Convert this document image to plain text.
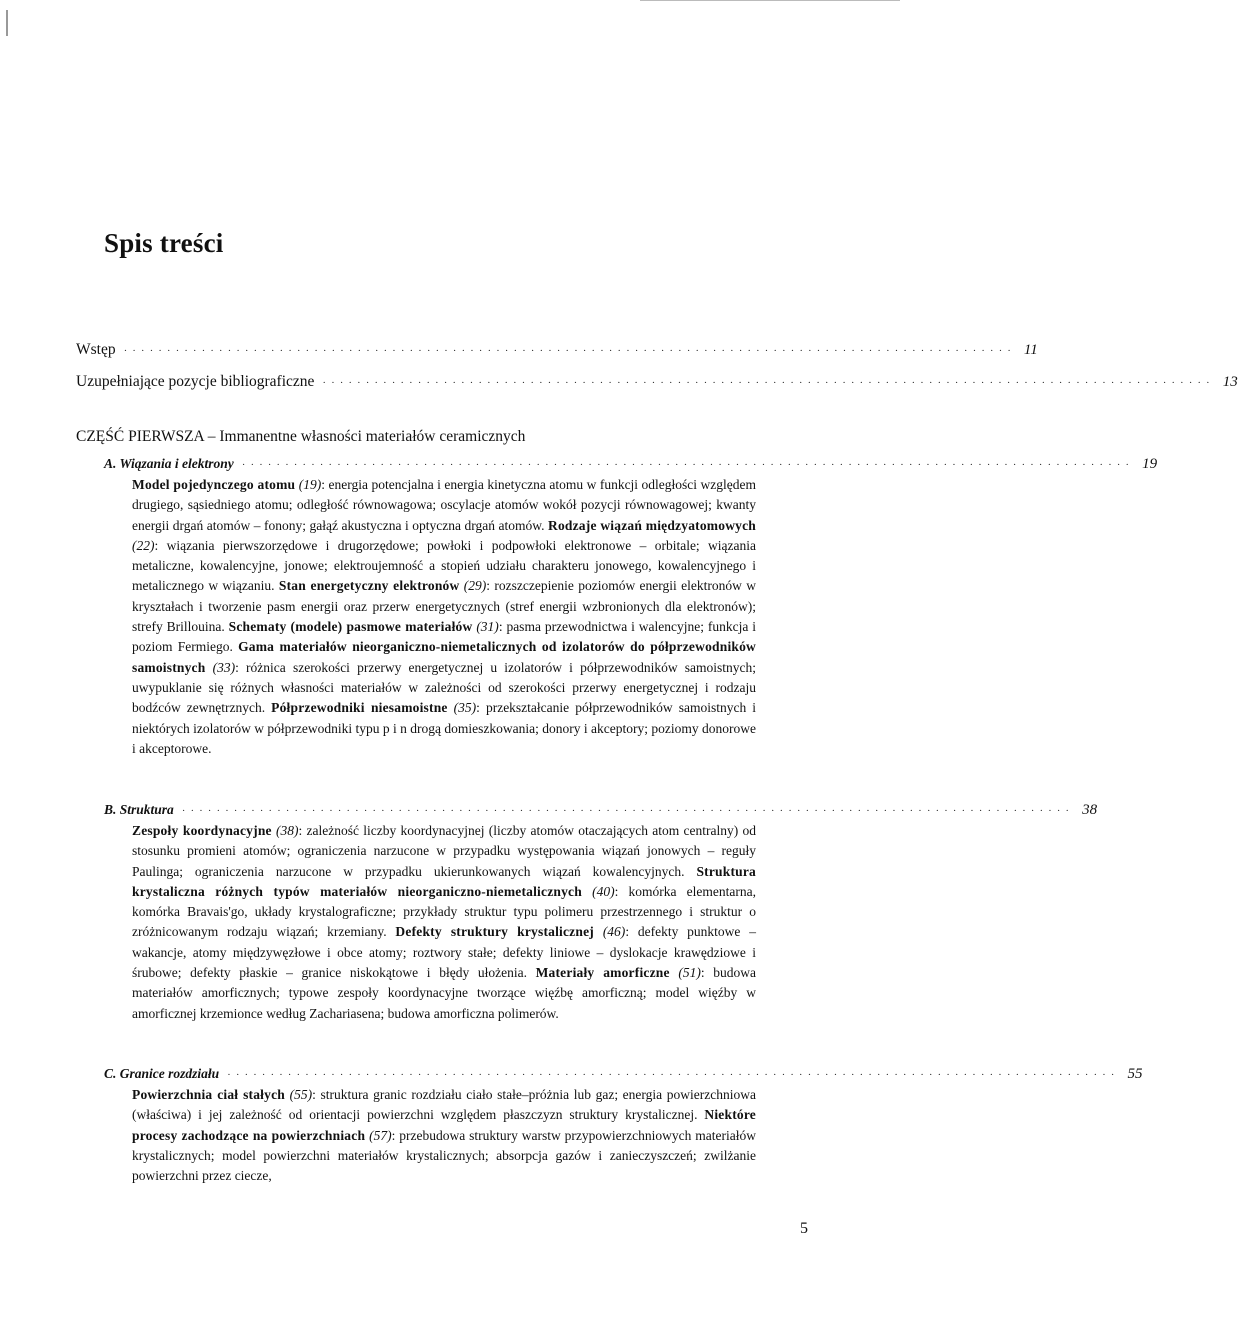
Spis treści
Wstęp ······································································································· 11
Uzupełniające pozycje bibliograficzne ······································································································· 13
CZĘŚĆ PIERWSZA – Immanentne własności materiałów ceramicznych
A. Wiązania i elektrony ······································································································· 19
Model pojedynczego atomu (19): energia potencjalna i energia kinetyczna atomu w funkcji odległości względem drugiego, sąsiedniego atomu; odległość równowagowa; oscylacje atomów wokół pozycji równowagowej; kwanty energii drgań atomów – fonony; gałąź akustyczna i optyczna drgań atomów. Rodzaje wiązań międzyatomowych (22): wiązania pierwszorzędowe i drugorzędowe; powłoki i podpowłoki elektronowe – orbitale; wiązania metaliczne, kowalencyjne, jonowe; elektroujemność a stopień udziału charakteru jonowego, kowalencyjnego i metalicznego w wiązaniu. Stan energetyczny elektronów (29): rozszczepienie poziomów energii elektronów w kryształach i tworzenie pasm energii oraz przerw energetycznych (stref energii wzbronionych dla elektronów); strefy Brillouina. Schematy (modele) pasmowe materiałów (31): pasma przewodnictwa i walencyjne; funkcja i poziom Fermiego. Gama materiałów nieorganiczno-niemetalicznych od izolatorów do półprzewodników samoistnych (33): różnica szerokości przerwy energetycznej u izolatorów i półprzewodników samoistnych; uwypuklanie się różnych własności materiałów w zależności od szerokości przerwy energetycznej i rodzaju bodźców zewnętrznych. Półprzewodniki niesamoistne (35): przekształcanie półprzewodników samoistnych i niektórych izolatorów w półprzewodniki typu p i n drogą domieszkowania; donory i akceptory; poziomy donorowe i akceptorowe.
B. Struktura ······································································································· 38
Zespoły koordynacyjne (38): zależność liczby koordynacyjnej (liczby atomów otaczających atom centralny) od stosunku promieni atomów; ograniczenia narzucone w przypadku występowania wiązań jonowych – reguły Paulinga; ograniczenia narzucone w przypadku ukierunkowanych wiązań kowalencyjnych. Struktura krystaliczna różnych typów materiałów nieorganiczno-niemetalicznych (40): komórka elementarna, komórka Bravais'go, układy krystalograficzne; przykłady struktur typu polimeru przestrzennego i struktur o zróżnicowanym rodzaju wiązań; krzemiany. Defekty struktury krystalicznej (46): defekty punktowe – wakancje, atomy międzywęzłowe i obce atomy; roztwory stałe; defekty liniowe – dyslokacje krawędziowe i śrubowe; defekty płaskie – granice niskokątowe i błędy ułożenia. Materiały amorficzne (51): budowa materiałów amorficznych; typowe zespoły koordynacyjne tworzące więźbę amorficzną; model więźby w amorficznej krzemionce według Zachariasena; budowa amorficzna polimerów.
C. Granice rozdziału ······································································································· 55
Powierzchnia ciał stałych (55): struktura granic rozdziału ciało stałe–próżnia lub gaz; energia powierzchniowa (właściwa) i jej zależność od orientacji powierzchni względem płaszczyzn struktury krystalicznej. Niektóre procesy zachodzące na powierzchniach (57): przebudowa struktury warstw przypowierzchniowych materiałów krystalicznych; model powierzchni materiałów krystalicznych; absorpcja gazów i zanieczyszczeń; zwilżanie powierzchni przez ciecze,
5
